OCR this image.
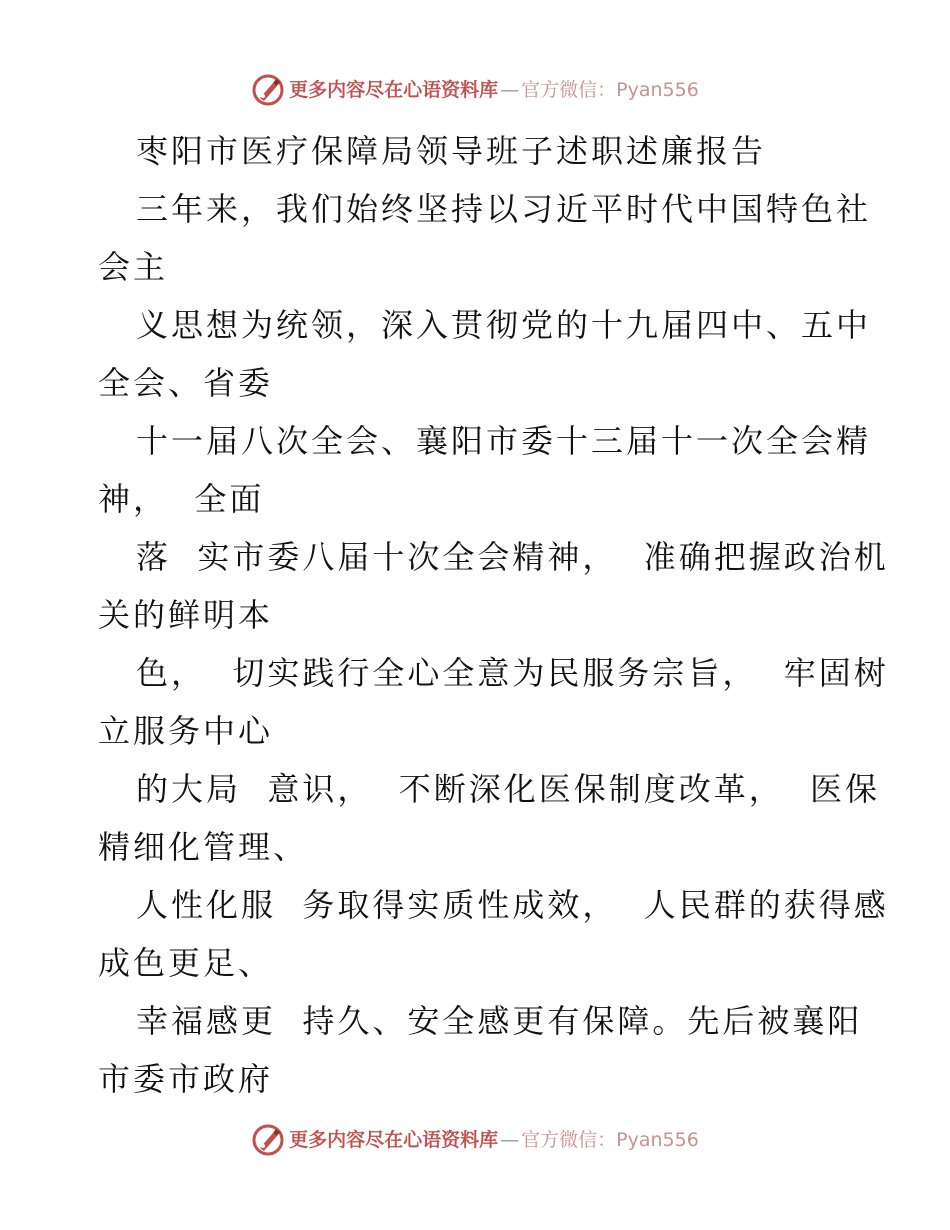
更多内容尽在心语资料库 — 官方微信：Pyan556
枣阳市医疗保障局领导班子述职述廉报告
三年来，我们始终坚持以习近平时代中国特色社
会主
义思想为统领，深入贯彻党的十九届四中、五中
全会、省委
十一届八次全会、襄阳市委十三届十一次全会精
神，  全面
落  实市委八届十次全会精神，  准确把握政治机
关的鲜明本
色，  切实践行全心全意为民服务宗旨，  牢固树
立服务中心
的大局  意识，  不断深化医保制度改革，  医保
精细化管理、
人性化服  务取得实质性成效，  人民群的获得感
成色更足、
幸福感更  持久、安全感更有保障。先后被襄阳
市委市政府
更多内容尽在心语资料库 — 官方微信：Pyan556
